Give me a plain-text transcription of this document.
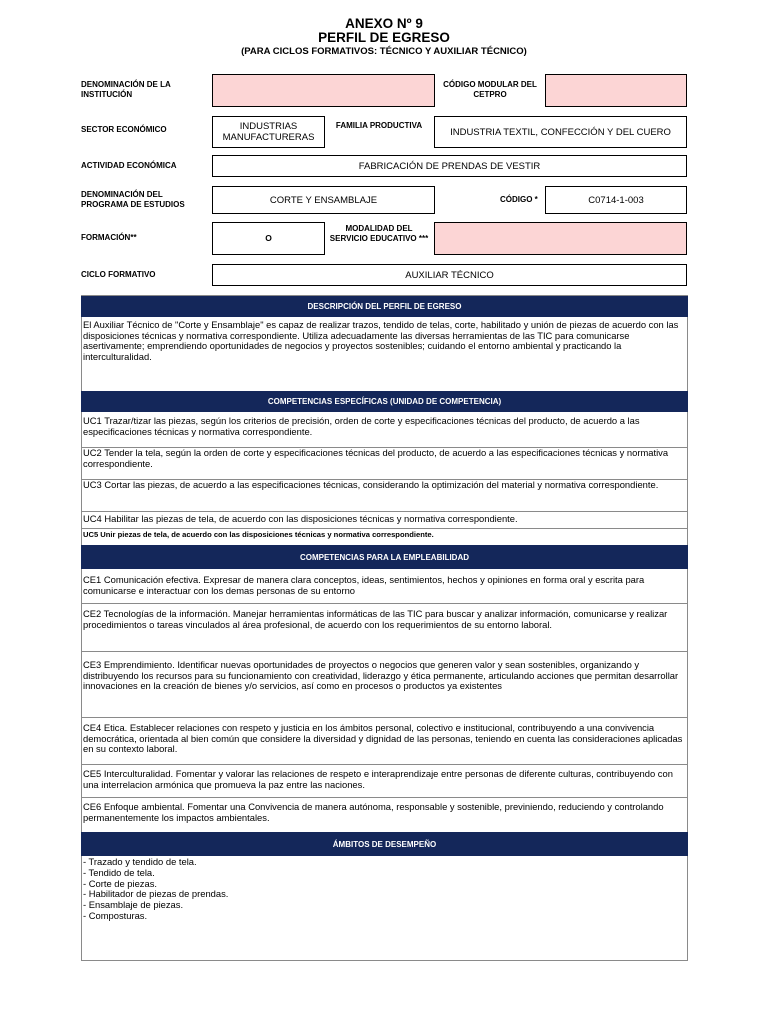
ANEXO Nº 9
PERFIL DE EGRESO
(PARA CICLOS FORMATIVOS: TÉCNICO Y AUXILIAR TÉCNICO)
DENOMINACIÓN DE LA INSTITUCIÓN
CÓDIGO MODULAR DEL CETPRO
SECTOR ECONÓMICO	INDUSTRIAS MANUFACTURERAS
FAMILIA PRODUCTIVA
INDUSTRIA TEXTIL, CONFECCIÓN Y DEL CUERO
ACTIVIDAD ECONÓMICA	FABRICACIÓN DE PRENDAS DE VESTIR
DENOMINACIÓN DEL PROGRAMA DE ESTUDIOS	CORTE Y ENSAMBLAJE	CÓDIGO *	C0714-1-003
FORMACIÓN**	O
MODALIDAD DEL SERVICIO EDUCATIVO ***
CICLO FORMATIVO	AUXILIAR TÉCNICO
DESCRIPCIÓN DEL PERFIL DE EGRESO
El Auxiliar Técnico de "Corte y Ensamblaje" es capaz de realizar trazos, tendido de telas, corte, habilitado y unión de piezas de acuerdo con las disposiciones técnicas y normativa correspondiente. Utiliza adecuadamente las diversas herramientas de las TIC para comunicarse asertivamente; emprendiendo oportunidades de negocios y proyectos sostenibles; cuidando el entorno ambiental y practicando la interculturalidad.
COMPETENCIAS ESPECÍFICAS (UNIDAD DE COMPETENCIA)
UC1 Trazar/tizar las piezas, según los criterios de precisión, orden de corte y especificaciones técnicas del producto, de acuerdo a las especificaciones técnicas y normativa correspondiente.
UC2 Tender la tela, según la orden de corte y especificaciones técnicas del producto, de acuerdo a las especificaciones técnicas y normativa correspondiente.
UC3 Cortar las piezas, de acuerdo a las especificaciones técnicas, considerando la optimización del material y normativa correspondiente.
UC4 Habilitar las piezas de tela, de acuerdo con las disposiciones técnicas y normativa correspondiente.
UC5 Unir piezas de tela, de acuerdo con las disposiciones técnicas y normativa correspondiente.
COMPETENCIAS PARA LA EMPLEABILIDAD
CE1 Comunicación efectiva. Expresar de manera clara conceptos, ideas, sentimientos, hechos y opiniones en forma oral y escrita para comunicarse e interactuar con los demas personas de su entorno
CE2 Tecnologías de la información. Manejar herramientas informáticas de las TIC para buscar y analizar información, comunicarse y realizar procedimientos o tareas vinculados al área profesional, de acuerdo con los requerimientos de su entorno laboral.
CE3 Emprendimiento. Identificar nuevas oportunidades de proyectos o negocios que generen valor y sean sostenibles, organizando y distribuyendo los recursos para su funcionamiento con creatividad, liderazgo y ética permanente, articulando acciones que permitan desarrollar innovaciones en la creación de bienes y/o servicios, así como en procesos o productos ya existentes
CE4 Etica. Establecer relaciones con respeto y justicia en los ámbitos personal, colectivo e institucional, contribuyendo a una convivencia democrática, orientada al bien común que considere la diversidad y dignidad de las personas, teniendo en cuenta las consideraciones aplicadas en su contexto laboral.
CE5 Interculturalidad. Fomentar y valorar las relaciones de respeto e interaprendizaje entre personas de diferente culturas, contribuyendo con una interrelacion armónica que promueva la paz entre las naciones.
CE6 Enfoque ambiental. Fomentar una Convivencia de manera autónoma, responsable y sostenible, previniendo, reduciendo y controlando permanentemente los impactos ambientales.
ÁMBITOS DE DESEMPEÑO
- Trazado y tendido de tela.
- Tendido de tela.
- Corte de piezas.
- Habilitador de piezas de prendas.
- Ensamblaje de piezas.
- Composturas.
